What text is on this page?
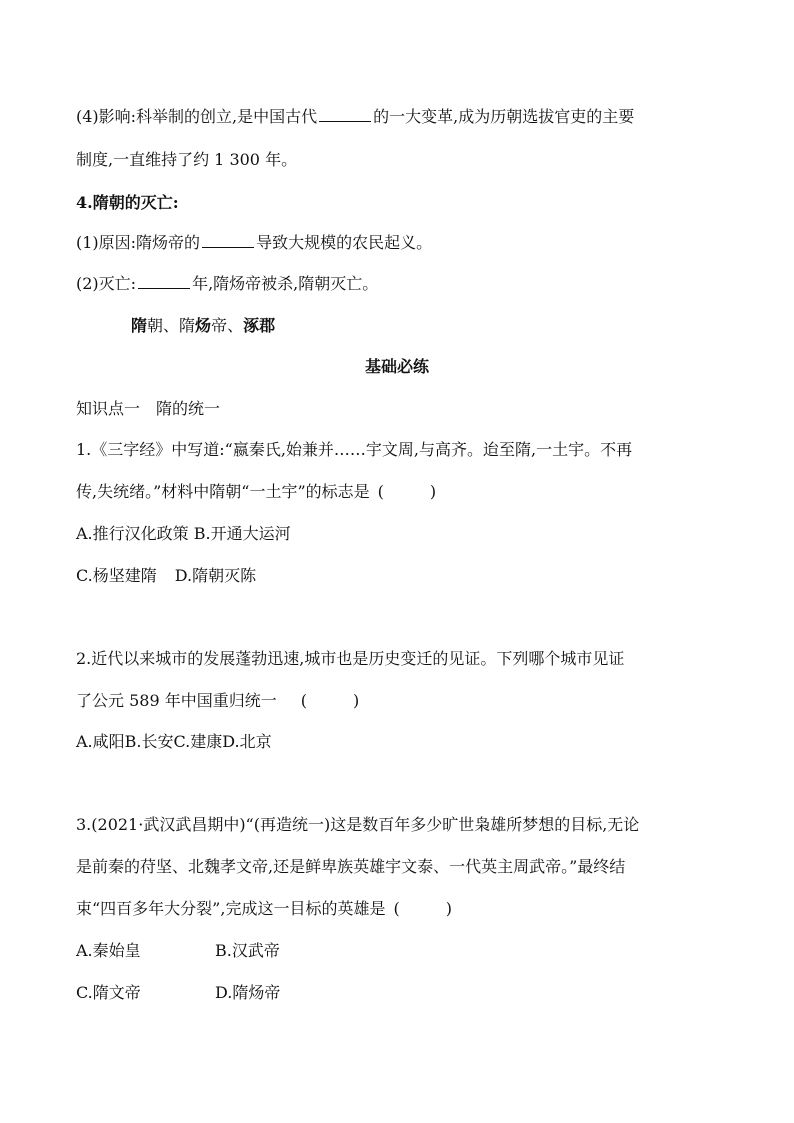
(4)影响:科举制的创立,是中国古代	的一大变革,成为历朝选拔官吏的主要
制度,一直维持了约 1 300 年。
4.隋朝的灭亡:
(1)原因:隋炀帝的	导致大规模的农民起义。
(2)灭亡:	年,隋炀帝被杀,隋朝灭亡。
隋朝、隋炀帝、涿郡
基础必练
知识点一　隋的统一
1.《三字经》中写道:“嬴秦氏,始兼并……宇文周,与高齐。迨至隋,一土宇。不再
传,失统绪。”材料中隋朝“一土宇”的标志是 (	)
A.推行汉化政策 B.开通大运河
C.杨坚建隋 D.隋朝灭陈
2.近代以来城市的发展蓬勃迅速,城市也是历史变迁的见证。下列哪个城市见证
了公元 589 年中国重归统一 (	)
A.咸阳B.长安C.建康D.北京
3.(2021·武汉武昌期中)“(再造统一)这是数百年多少旷世枭雄所梦想的目标,无论
是前秦的苻坚、北魏孝文帝,还是鲜卑族英雄宇文泰、一代英主周武帝。”最终结
束“四百多年大分裂”,完成这一目标的英雄是 (	)
A.秦始皇	B.汉武帝
C.隋文帝	D.隋炀帝
